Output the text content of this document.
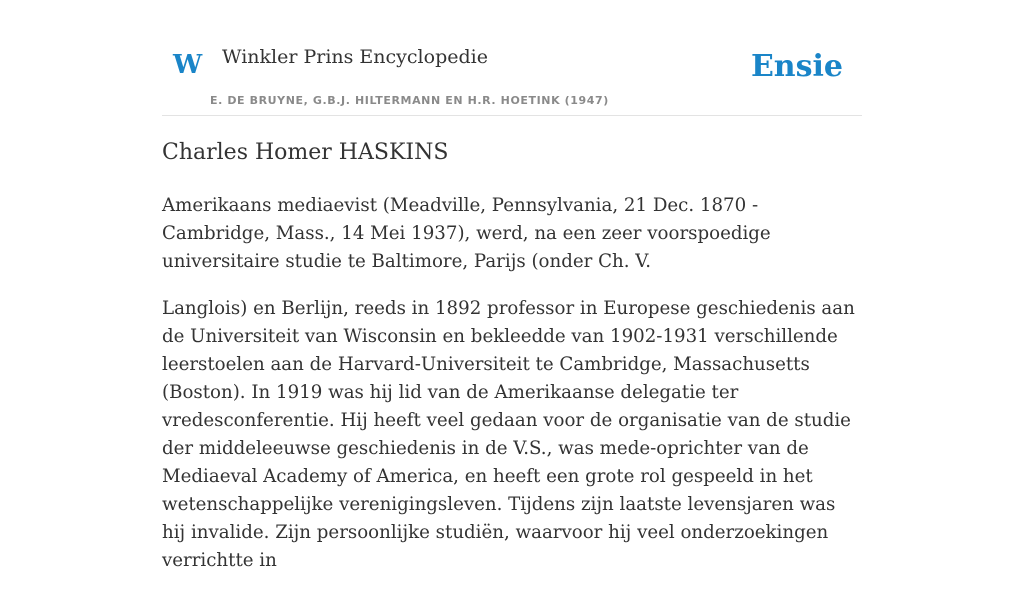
W Winkler Prins Encyclopedie
E. DE BRUYNE, G.B.J. HILTERMANN EN H.R. HOETINK (1947)
Ensie
Charles Homer HASKINS

Amerikaans mediaevist (Meadville, Pennsylvania, 21 Dec. 1870 - Cambridge, Mass., 14 Mei 1937), werd, na een zeer voorspoedige universitaire studie te Baltimore, Parijs (onder Ch. V.

Langlois) en Berlijn, reeds in 1892 professor in Europese geschiedenis aan de Universiteit van Wisconsin en bekleedde van 1902-1931 verschillende leerstoelen aan de Harvard-Universiteit te Cambridge, Massachusetts (Boston). In 1919 was hij lid van de Amerikaanse delegatie ter vredesconferentie. Hij heeft veel gedaan voor de organisatie van de studie der middeleeuwse geschiedenis in de V.S., was mede-oprichter van de Mediaeval Academy of America, en heeft een grote rol gespeeld in het wetenschappelijke verenigingsleven. Tijdens zijn laatste levensjaren was hij invalide. Zijn persoonlijke studiën, waarvoor hij veel onderzoekingen verrichtte in
